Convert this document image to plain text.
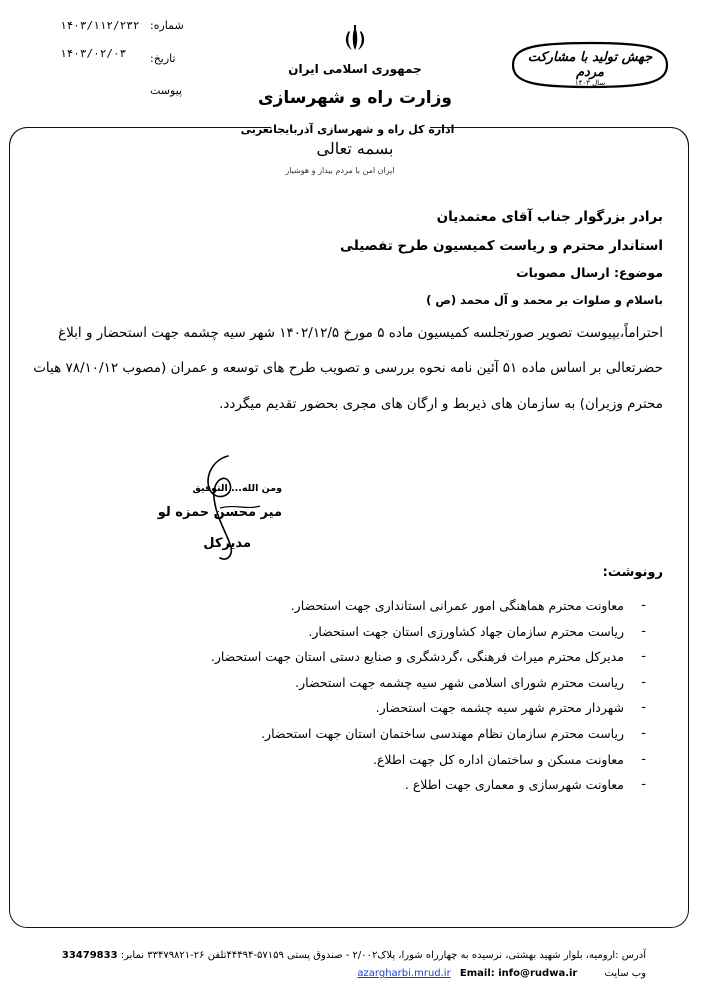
شماره:
۱۴۰۳/۱۱۲/۲۳۲
تاریخ:
۱۴۰۳/۰۲/۰۳
پیوست
جمهوری اسلامی ایران
وزارت راه و شهرسازی
اداره کل راه و شهرسازی آذربایجانغربی
بسمه تعالی
ایران امن با مردم بیدار و هوشیار
جهش تولید با مشارکت مردم
سال ۱۴۰۳
برادر بزرگوار جناب آقای معتمدیان
استاندار محترم و ریاست کمیسیون طرح تفصیلی
موضوع: ارسال مصوبات
باسلام و صلوات بر محمد و آل محمد (ص )
احتراماً،بپیوست تصویر صورتجلسه کمیسیون ماده ۵ مورخ ۱۴۰۲/۱۲/۵ شهر سیه چشمه جهت استحضار و ابلاغ
حضرتعالی بر اساس ماده ۵۱ آئین نامه نحوه بررسی و تصویب طرح های توسعه و عمران (مصوب ۷۸/۱۰/۱۲ هیات
محترم وزیران) به سازمان های ذیربط و ارگان های مجری بحضور تقدیم میگردد.
ومن الله... التوفیق
میر محسن حمزه لو
مدیرکل
رونوشت:
-
معاونت محترم هماهنگی امور عمرانی استانداری جهت استحضار.
-
ریاست محترم سازمان جهاد کشاورزی استان جهت استحضار.
-
مدیرکل محترم میراث فرهنگی ،گردشگری و صنایع دستی استان جهت استحضار.
-
ریاست محترم شورای اسلامی شهر سیه چشمه جهت استحضار.
-
شهردار محترم شهر سیه چشمه جهت استحضار.
-
ریاست محترم سازمان نظام مهندسی ساختمان استان جهت استحضار.
-
معاونت مسکن و ساختمان اداره کل جهت اطلاع.
-
معاونت شهرسازی و معماری جهت اطلاع .
آدرس :ارومیه، بلوار شهید بهشتی، نرسیده به چهارراه شورا، پلاک۲/۰۰۲ - صندوق پستی ۵۷۱۵۹-۴۴۴۹۴تلفن ۲۶-۳۳۴۷۹۸۲۱ نمابر: 33479833
وب سایت azargharbi.mrud.ir Email: info@rudwa.ir
